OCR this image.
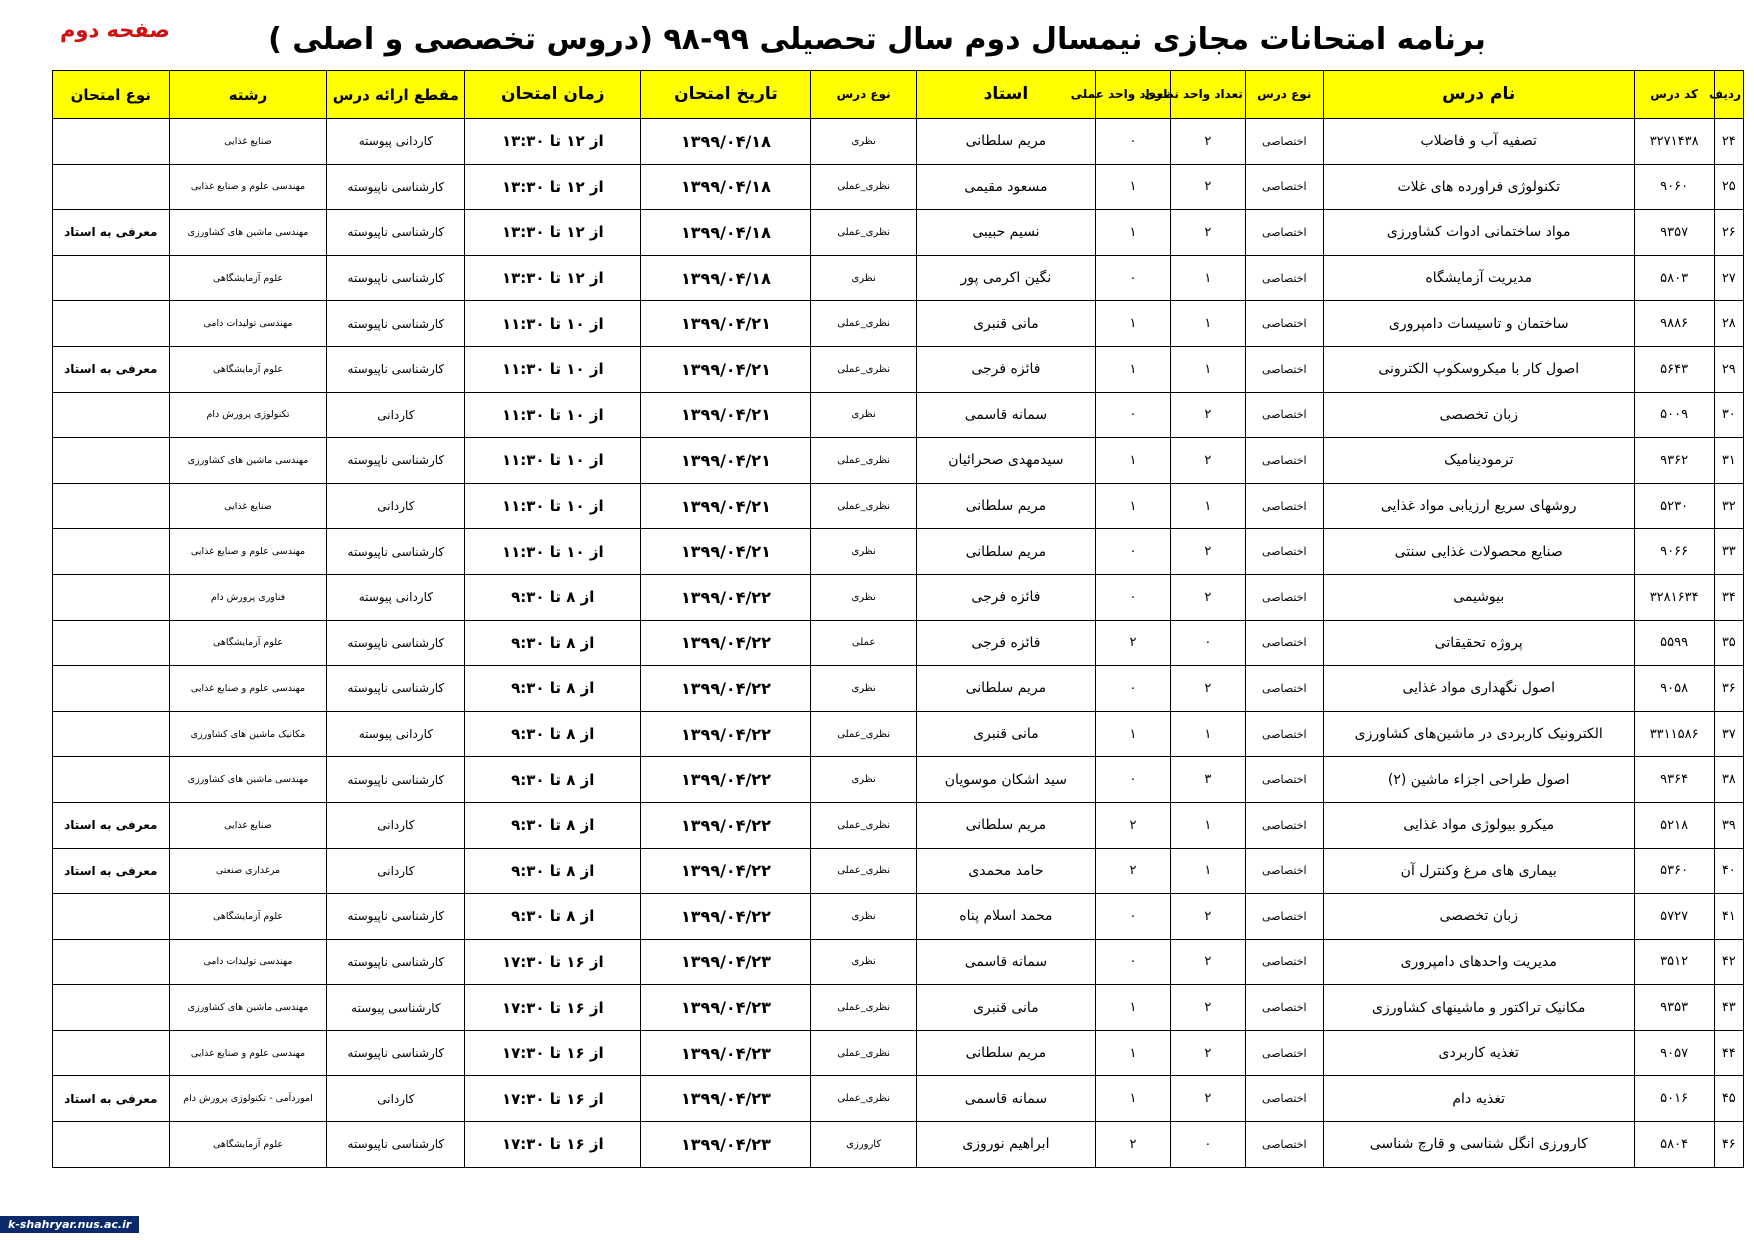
صفحه دوم	برنامه امتحانات مجازی نیمسال دوم سال تحصیلی ۹۹-۹۸ (دروس تخصصی و اصلی )
ردیف	کد درس	نام درس	نوع درس	تعداد واحد نظری	تعداد واحد عملی	استاد	نوع درس	تاریخ امتحان	زمان امتحان	مقطع ارائه درس	رشته	نوع امتحان
۲۴	۳۲۷۱۴۳۸	تصفیه آب و فاضلاب	اختصاصی	۲	۰	مریم سلطانی	نظری	۱۳۹۹/۰۴/۱۸	از ۱۲ تا ۱۳:۳۰	کاردانی پیوسته	صنایع غذایی	
۲۵	۹۰۶۰	تکنولوژی فراورده های غلات	اختصاصی	۲	۱	مسعود مقیمی	نظری_عملی	۱۳۹۹/۰۴/۱۸	از ۱۲ تا ۱۳:۳۰	کارشناسی ناپیوسته	مهندسی علوم و صنایع غذایی	
۲۶	۹۳۵۷	مواد ساختمانی ادوات کشاورزی	اختصاصی	۲	۱	نسیم حبیبی	نظری_عملی	۱۳۹۹/۰۴/۱۸	از ۱۲ تا ۱۳:۳۰	کارشناسی ناپیوسته	مهندسی ماشین های کشاورزی	معرفی به استاد
۲۷	۵۸۰۳	مدیریت آزمایشگاه	اختصاصی	۱	۰	نگین اکرمی پور	نظری	۱۳۹۹/۰۴/۱۸	از ۱۲ تا ۱۳:۳۰	کارشناسی ناپیوسته	علوم آزمایشگاهی	
۲۸	۹۸۸۶	ساختمان و تاسیسات دامپروری	اختصاصی	۱	۱	مانی قنبری	نظری_عملی	۱۳۹۹/۰۴/۲۱	از ۱۰ تا ۱۱:۳۰	کارشناسی ناپیوسته	مهندسی تولیدات دامی	
۲۹	۵۶۴۳	اصول کار با میکروسکوپ الکترونی	اختصاصی	۱	۱	فائزه فرجی	نظری_عملی	۱۳۹۹/۰۴/۲۱	از ۱۰ تا ۱۱:۳۰	کارشناسی ناپیوسته	علوم آزمایشگاهی	معرفی به استاد
۳۰	۵۰۰۹	زبان تخصصی	اختصاصی	۲	۰	سمانه قاسمی	نظری	۱۳۹۹/۰۴/۲۱	از ۱۰ تا ۱۱:۳۰	کاردانی	تکنولوژی پرورش دام	
۳۱	۹۳۶۲	ترمودینامیک	اختصاصی	۲	۱	سیدمهدی صحرائیان	نظری_عملی	۱۳۹۹/۰۴/۲۱	از ۱۰ تا ۱۱:۳۰	کارشناسی ناپیوسته	مهندسی ماشین های کشاورزی	
۳۲	۵۲۳۰	روشهای سریع ارزیابی مواد غذایی	اختصاصی	۱	۱	مریم سلطانی	نظری_عملی	۱۳۹۹/۰۴/۲۱	از ۱۰ تا ۱۱:۳۰	کاردانی	صنایع غذایی	
۳۳	۹۰۶۶	صنایع محصولات غذایی سنتی	اختصاصی	۲	۰	مریم سلطانی	نظری	۱۳۹۹/۰۴/۲۱	از ۱۰ تا ۱۱:۳۰	کارشناسی ناپیوسته	مهندسی علوم و صنایع غذایی	
۳۴	۳۲۸۱۶۳۴	بیوشیمی	اختصاصی	۲	۰	فائزه فرجی	نظری	۱۳۹۹/۰۴/۲۲	از ۸ تا ۹:۳۰	کاردانی پیوسته	فناوری پرورش دام	
۳۵	۵۵۹۹	پروژه تحقیقاتی	اختصاصی	۰	۲	فائزه فرجی	عملی	۱۳۹۹/۰۴/۲۲	از ۸ تا ۹:۳۰	کارشناسی ناپیوسته	علوم آزمایشگاهی	
۳۶	۹۰۵۸	اصول نگهداری مواد غذایی	اختصاصی	۲	۰	مریم سلطانی	نظری	۱۳۹۹/۰۴/۲۲	از ۸ تا ۹:۳۰	کارشناسی ناپیوسته	مهندسی علوم و صنایع غذایی	
۳۷	۳۳۱۱۵۸۶	الکترونیک کاربردی در ماشین‌های کشاورزی	اختصاصی	۱	۱	مانی قنبری	نظری_عملی	۱۳۹۹/۰۴/۲۲	از ۸ تا ۹:۳۰	کاردانی پیوسته	مکانیک ماشین های کشاورزی	
۳۸	۹۳۶۴	اصول طراحی اجزاء ماشین (۲)	اختصاصی	۳	۰	سید اشکان موسویان	نظری	۱۳۹۹/۰۴/۲۲	از ۸ تا ۹:۳۰	کارشناسی ناپیوسته	مهندسی ماشین های کشاورزی	
۳۹	۵۲۱۸	میکرو بیولوژی مواد غذایی	اختصاصی	۱	۲	مریم سلطانی	نظری_عملی	۱۳۹۹/۰۴/۲۲	از ۸ تا ۹:۳۰	کاردانی	صنایع غذایی	معرفی به استاد
۴۰	۵۳۶۰	بیماری های مرغ وکنترل آن	اختصاصی	۱	۲	حامد محمدی	نظری_عملی	۱۳۹۹/۰۴/۲۲	از ۸ تا ۹:۳۰	کاردانی	مرغداری صنعتی	معرفی به استاد
۴۱	۵۷۲۷	زبان تخصصی	اختصاصی	۲	۰	محمد اسلام پناه	نظری	۱۳۹۹/۰۴/۲۲	از ۸ تا ۹:۳۰	کارشناسی ناپیوسته	علوم آزمایشگاهی	
۴۲	۳۵۱۲	مدیریت واحدهای دامپروری	اختصاصی	۲	۰	سمانه قاسمی	نظری	۱۳۹۹/۰۴/۲۳	از ۱۶ تا ۱۷:۳۰	کارشناسی ناپیوسته	مهندسی تولیدات دامی	
۴۳	۹۳۵۳	مکانیک تراکتور و ماشینهای کشاورزی	اختصاصی	۲	۱	مانی قنبری	نظری_عملی	۱۳۹۹/۰۴/۲۳	از ۱۶ تا ۱۷:۳۰	کارشناسی پیوسته	مهندسی ماشین های کشاورزی	
۴۴	۹۰۵۷	تغذیه کاربردی	اختصاصی	۲	۱	مریم سلطانی	نظری_عملی	۱۳۹۹/۰۴/۲۳	از ۱۶ تا ۱۷:۳۰	کارشناسی ناپیوسته	مهندسی علوم و صنایع غذایی	
۴۵	۵۰۱۶	تغذیه دام	اختصاصی	۲	۱	سمانه قاسمی	نظری_عملی	۱۳۹۹/۰۴/۲۳	از ۱۶ تا ۱۷:۳۰	کاردانی	امورداَمی - تکنولوژی پرورش دام	معرفی به استاد
۴۶	۵۸۰۴	کارورزی انگل شناسی و قارچ شناسی	اختصاصی	۰	۲	ابراهیم نوروزی	کارورزی	۱۳۹۹/۰۴/۲۳	از ۱۶ تا ۱۷:۳۰	کارشناسی ناپیوسته	علوم آزمایشگاهی	
k-shahryar.nus.ac.ir
